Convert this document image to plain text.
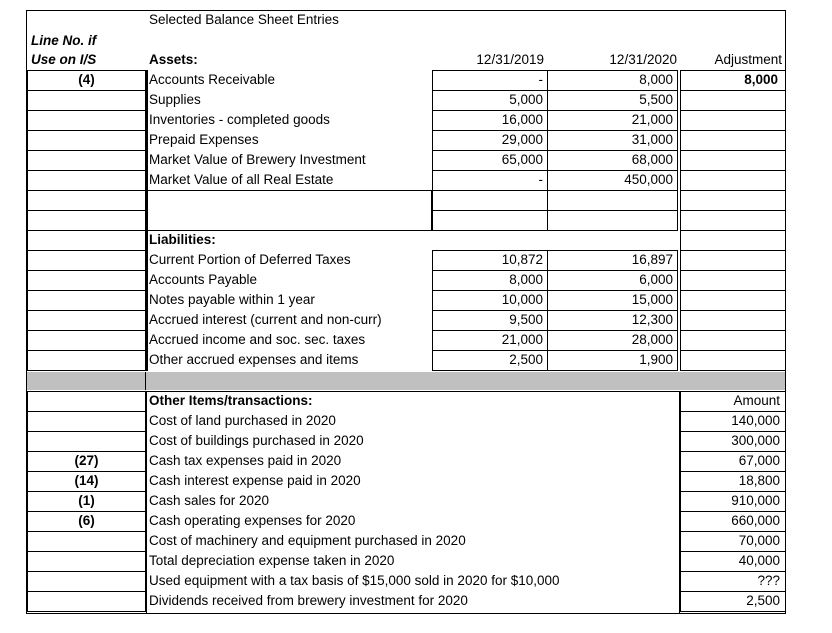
Selected Balance Sheet Entries
Line No. if
Use on I/S	Assets:	12/31/2019	12/31/2020	Adjustment
(4)	Accounts Receivable	-	8,000	8,000
Supplies	5,000	5,500
Inventories - completed goods	16,000	21,000
Prepaid Expenses	29,000	31,000
Market Value of Brewery Investment	65,000	68,000
Market Value of all Real Estate	-	450,000
Liabilities:
Current Portion of Deferred Taxes	10,872	16,897
Accounts Payable	8,000	6,000
Notes payable within 1 year	10,000	15,000
Accrued interest (current and non-curr)	9,500	12,300
Accrued income and soc. sec. taxes	21,000	28,000
Other accrued expenses and items	2,500	1,900
Other Items/transactions:	Amount
Cost of land purchased in 2020	140,000
Cost of buildings purchased in 2020	300,000
(27)	Cash tax expenses paid in 2020	67,000
(14)	Cash interest expense paid in 2020	18,800
(1)	Cash sales for 2020	910,000
(6)	Cash operating expenses for 2020	660,000
Cost of machinery and equipment purchased in 2020	70,000
Total depreciation expense taken in 2020	40,000
Used equipment with a tax basis of $15,000 sold in 2020 for $10,000	???
Dividends received from brewery investment for 2020	2,500
